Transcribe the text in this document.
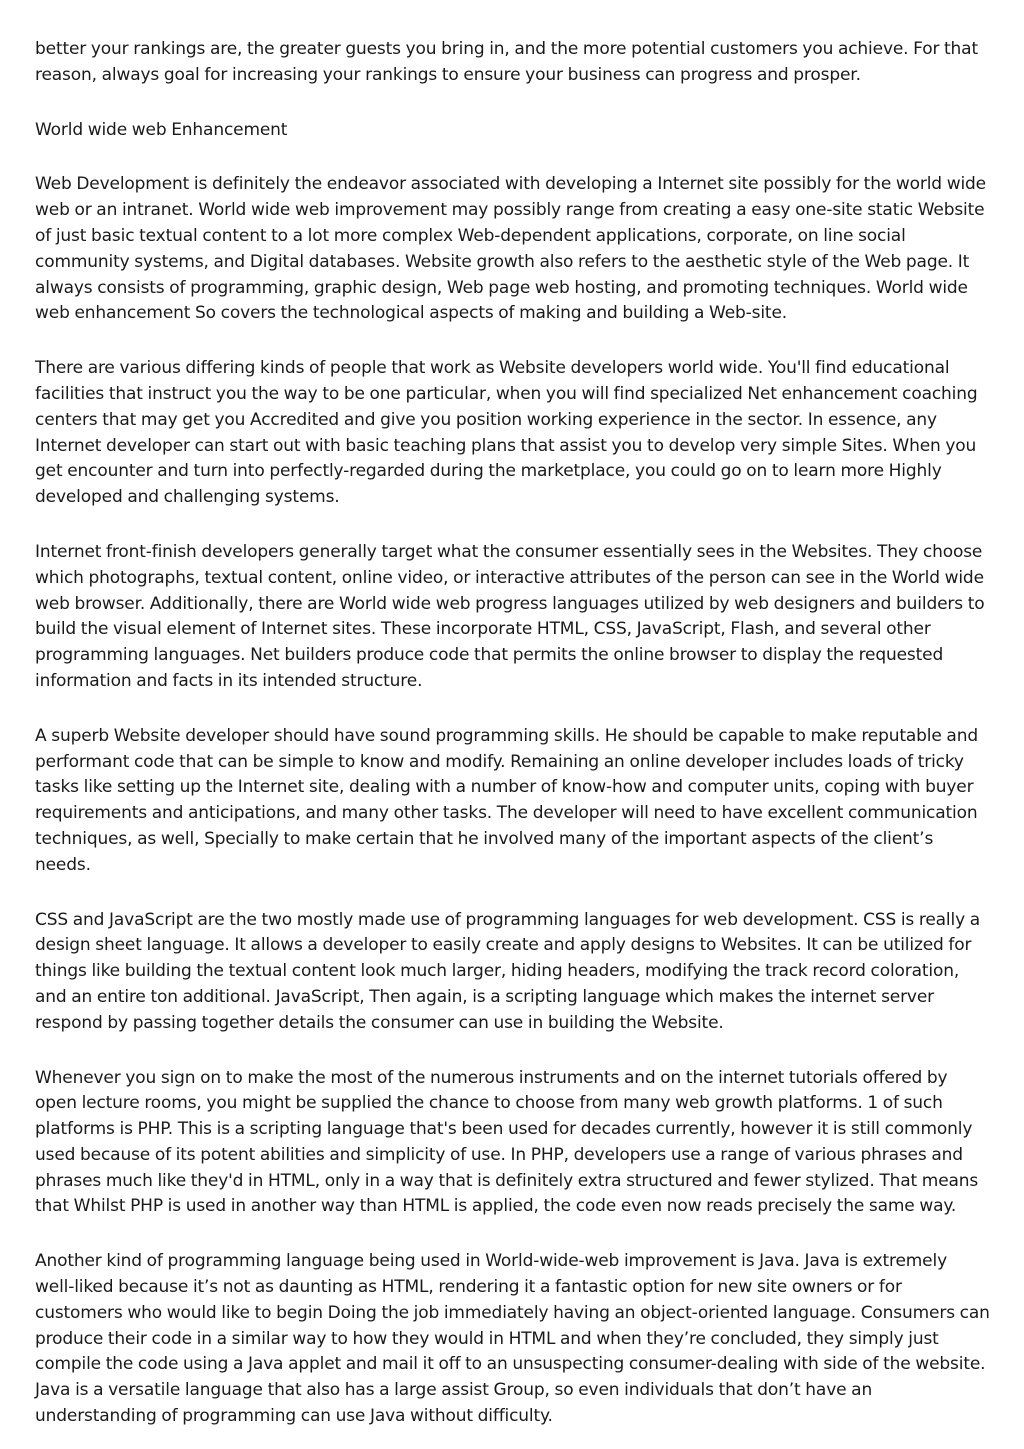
better your rankings are, the greater guests you bring in, and the more potential customers you achieve. For that reason, always goal for increasing your rankings to ensure your business can progress and prosper.

World wide web Enhancement

Web Development is definitely the endeavor associated with developing a Internet site possibly for the world wide web or an intranet. World wide web improvement may possibly range from creating a easy one-site static Website of just basic textual content to a lot more complex Web-dependent applications, corporate, on line social community systems, and Digital databases. Website growth also refers to the aesthetic style of the Web page. It always consists of programming, graphic design, Web page web hosting, and promoting techniques. World wide web enhancement So covers the technological aspects of making and building a Web-site.

There are various differing kinds of people that work as Website developers world wide. You'll find educational facilities that instruct you the way to be one particular, when you will find specialized Net enhancement coaching centers that may get you Accredited and give you position working experience in the sector. In essence, any Internet developer can start out with basic teaching plans that assist you to develop very simple Sites. When you get encounter and turn into perfectly-regarded during the marketplace, you could go on to learn more Highly developed and challenging systems.

Internet front-finish developers generally target what the consumer essentially sees in the Websites. They choose which photographs, textual content, online video, or interactive attributes of the person can see in the World wide web browser. Additionally, there are World wide web progress languages utilized by web designers and builders to build the visual element of Internet sites. These incorporate HTML, CSS, JavaScript, Flash, and several other programming languages. Net builders produce code that permits the online browser to display the requested information and facts in its intended structure.

A superb Website developer should have sound programming skills. He should be capable to make reputable and performant code that can be simple to know and modify. Remaining an online developer includes loads of tricky tasks like setting up the Internet site, dealing with a number of know-how and computer units, coping with buyer requirements and anticipations, and many other tasks. The developer will need to have excellent communication techniques, as well, Specially to make certain that he involved many of the important aspects of the client’s needs.

CSS and JavaScript are the two mostly made use of programming languages for web development. CSS is really a design sheet language. It allows a developer to easily create and apply designs to Websites. It can be utilized for things like building the textual content look much larger, hiding headers, modifying the track record coloration, and an entire ton additional. JavaScript, Then again, is a scripting language which makes the internet server respond by passing together details the consumer can use in building the Website.

Whenever you sign on to make the most of the numerous instruments and on the internet tutorials offered by open lecture rooms, you might be supplied the chance to choose from many web growth platforms. 1 of such platforms is PHP. This is a scripting language that's been used for decades currently, however it is still commonly used because of its potent abilities and simplicity of use. In PHP, developers use a range of various phrases and phrases much like they'd in HTML, only in a way that is definitely extra structured and fewer stylized. That means that Whilst PHP is used in another way than HTML is applied, the code even now reads precisely the same way.

Another kind of programming language being used in World-wide-web improvement is Java. Java is extremely well-liked because it’s not as daunting as HTML, rendering it a fantastic option for new site owners or for customers who would like to begin Doing the job immediately having an object-oriented language. Consumers can produce their code in a similar way to how they would in HTML and when they’re concluded, they simply just compile the code using a Java applet and mail it off to an unsuspecting consumer-dealing with side of the website. Java is a versatile language that also has a large assist Group, so even individuals that don’t have an understanding of programming can use Java without difficulty.
